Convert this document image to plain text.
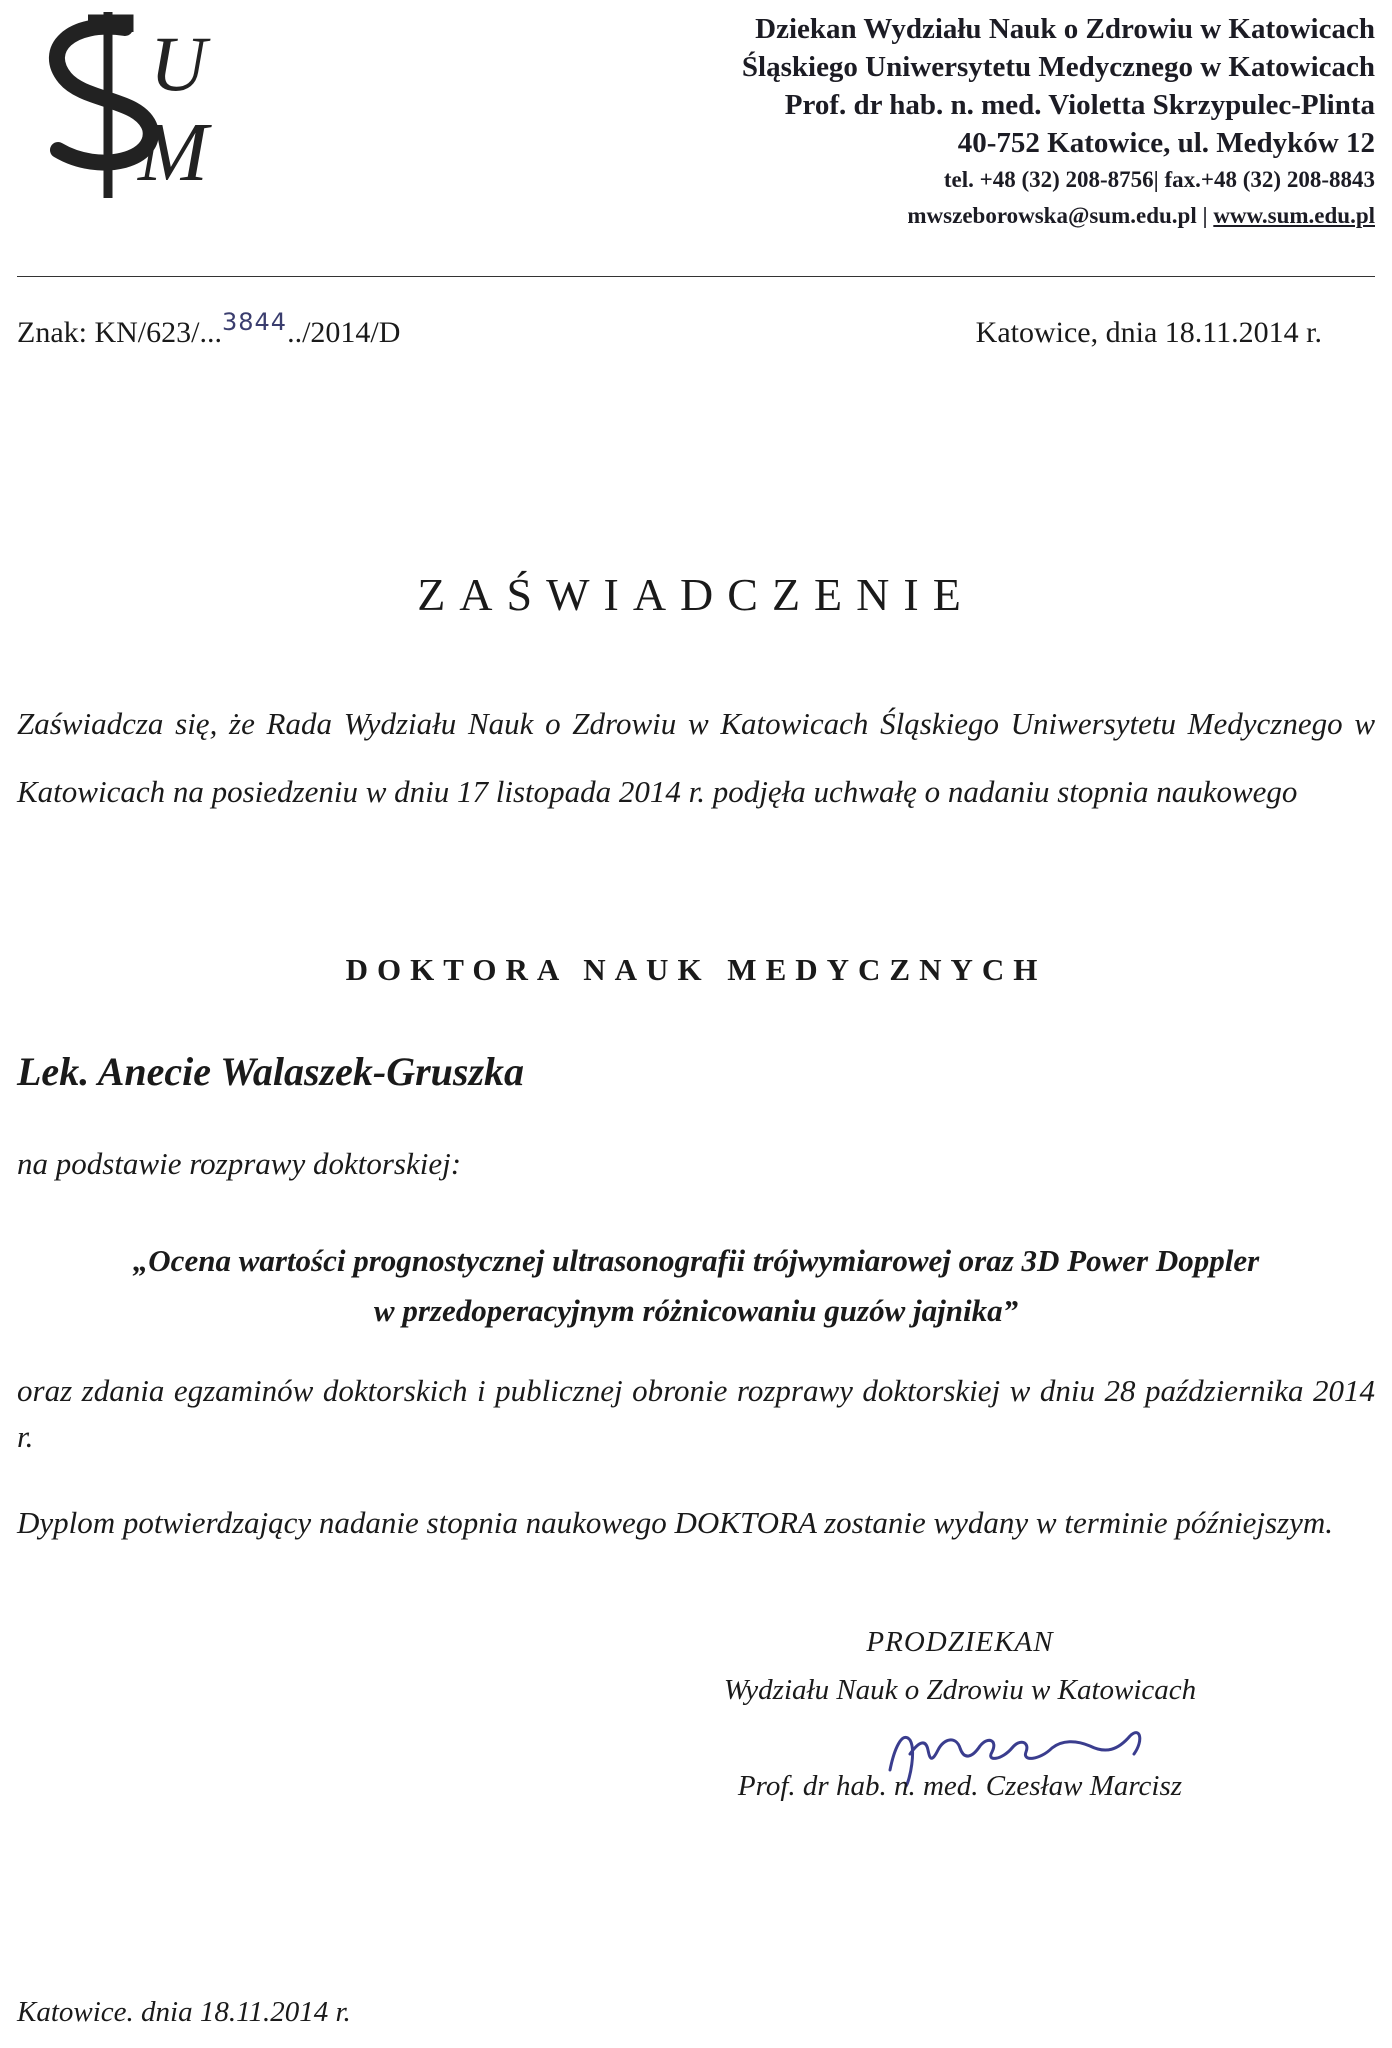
U
M
Dziekan Wydziału Nauk o Zdrowiu w Katowicach
Śląskiego Uniwersytetu Medycznego w Katowicach
Prof. dr hab. n. med. Violetta Skrzypulec-Plinta
40-752 Katowice, ul. Medyków 12
tel. +48 (32) 208-8756| fax.+48 (32) 208-8843
mwszeborowska@sum.edu.pl | www.sum.edu.pl
Znak: KN/623/...$^{3844}$../2014/D	Katowice, dnia 18.11.2014 r.
ZAŚWIADCZENIE
Zaświadcza się, że Rada Wydziału Nauk o Zdrowiu w Katowicach Śląskiego Uniwersytetu Medycznego w Katowicach na posiedzeniu w dniu 17 listopada 2014 r. podjęła uchwałę o nadaniu stopnia naukowego
DOKTORA NAUK MEDYCZNYCH
Lek. Anecie Walaszek-Gruszka
na podstawie rozprawy doktorskiej:
„Ocena wartości prognostycznej ultrasonografii trójwymiarowej oraz 3D Power Doppler
w przedoperacyjnym różnicowaniu guzów jajnika”
oraz zdania egzaminów doktorskich i publicznej obronie rozprawy doktorskiej w dniu 28 października 2014 r.
Dyplom potwierdzający nadanie stopnia naukowego DOKTORA zostanie wydany w terminie późniejszym.
PRODZIEKAN
Wydziału Nauk o Zdrowiu w Katowicach
Prof. dr hab. n. med. Czesław Marcisz
Katowice. dnia 18.11.2014 r.
